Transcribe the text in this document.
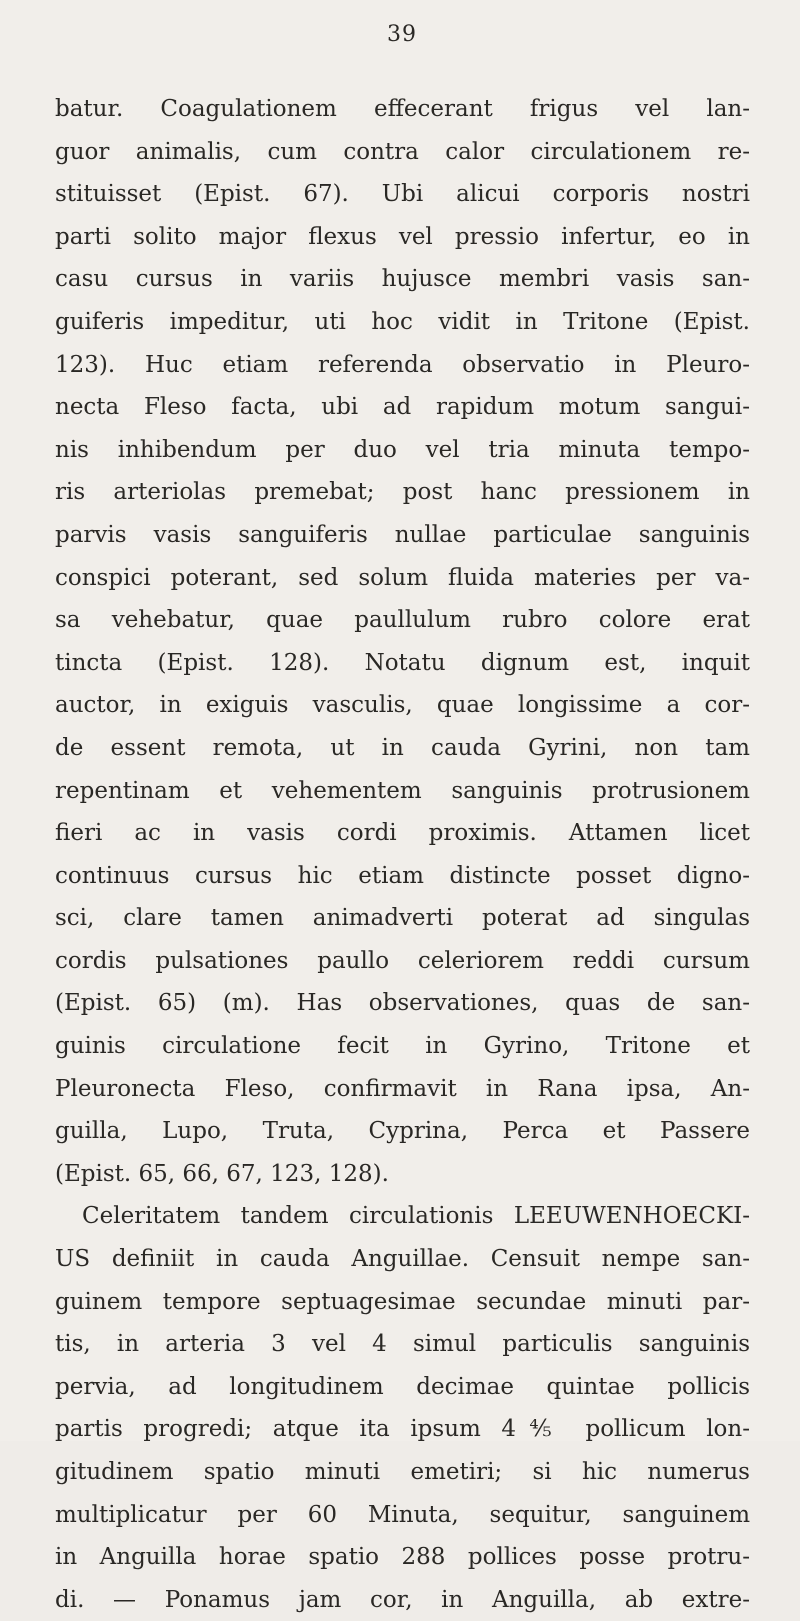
39
batur. Coagulationem effecerant frigus vel lan-
guor animalis, cum contra calor circulationem re-
stituisset (Epist. 67). Ubi alicui corporis nostri
parti solito major flexus vel pressio infertur, eo in
casu cursus in variis hujusce membri vasis san-
guiferis impeditur, uti hoc vidit in Tritone (Epist.
123). Huc etiam referenda observatio in Pleuro-
necta Fleso facta, ubi ad rapidum motum sangui-
nis inhibendum per duo vel tria minuta tempo-
ris arteriolas premebat; post hanc pressionem in
parvis vasis sanguiferis nullae particulae sanguinis
conspici poterant, sed solum fluida materies per va-
sa vehebatur, quae paullulum rubro colore erat
tincta (Epist. 128). Notatu dignum est, inquit
auctor, in exiguis vasculis, quae longissime a cor-
de essent remota, ut in cauda Gyrini, non tam
repentinam et vehementem sanguinis protrusionem
fieri ac in vasis cordi proximis. Attamen licet
continuus cursus hic etiam distincte posset digno-
sci, clare tamen animadverti poterat ad singulas
cordis pulsationes paullo celeriorem reddi cursum
(Epist. 65) (m). Has observationes, quas de san-
guinis circulatione fecit in Gyrino, Tritone et
Pleuronecta Fleso, confirmavit in Rana ipsa, An-
guilla, Lupo, Truta, Cyprina, Perca et Passere
(Epist. 65, 66, 67, 123, 128).
Celeritatem tandem circulationis LEEUWENHOECKI-
US definiit in cauda Anguillae. Censuit nempe san-
guinem tempore septuagesimae secundae minuti par-
tis, in arteria 3 vel 4 simul particulis sanguinis
pervia, ad longitudinem decimae quintae pollicis
partis progredi; atque ita ipsum 4⅘ pollicum lon-
gitudinem spatio minuti emetiri; si hic numerus
multiplicatur per 60 Minuta, sequitur, sanguinem
in Anguilla horae spatio 288 pollices posse protru-
di. — Ponamus jam cor, in Anguilla, ab extre-
